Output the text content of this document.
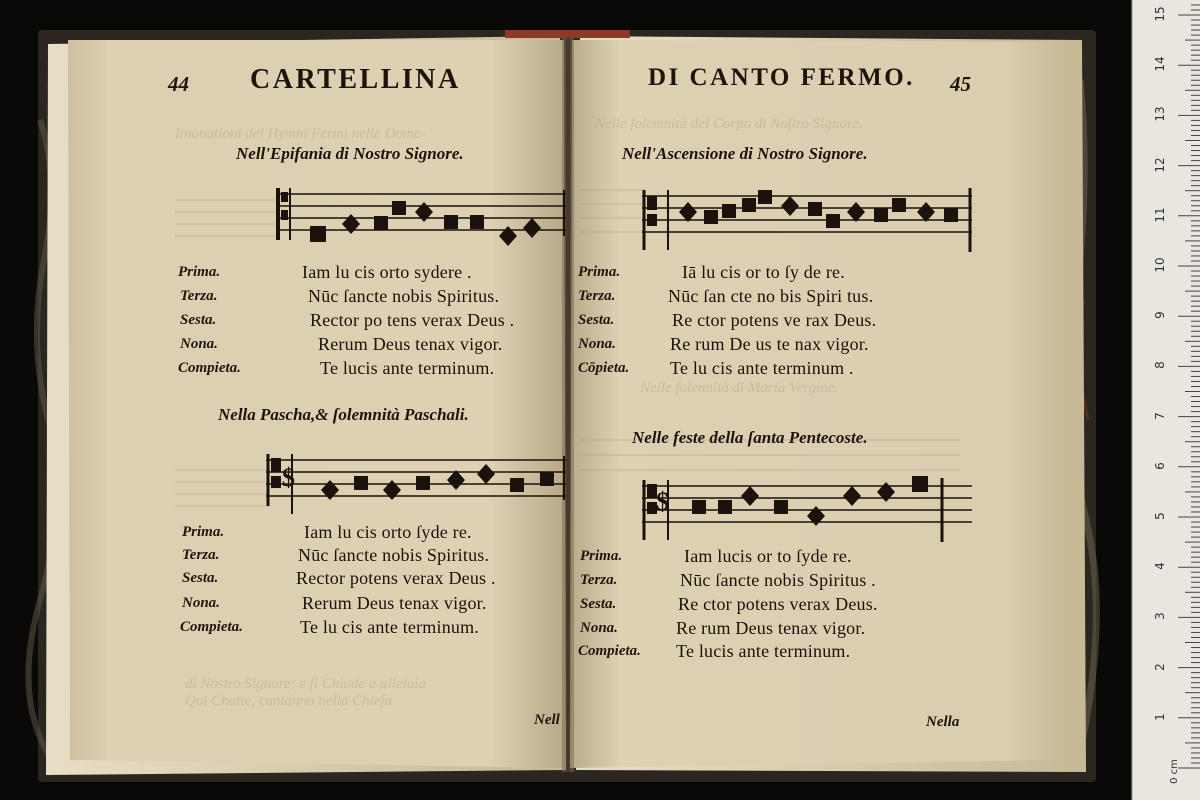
Intonationi del Hymni Fermi nelle Dome-
Nelle ſolemnità del Corpo di Noſtro Signore.
Nelle ſolennità di Maria Vergine.
di Nostro Signore; e ſi Chiude a alleluia
Qui Chatte, cantanno nella Chieſa
$
$
44 CARTELLINA
Nell'Epifania di Nostro Signore.
Prima.	Iam lu cis orto sydere .
Terza.	Nūc ſancte nobis Spiritus.
Sesta.	Rector po tens verax Deus .
Nona.	Rerum Deus tenax vigor.
Compieta.	Te lucis ante terminum.
Nella Pascha,& ſolemnità Paschali.
Prima.	Iam lu cis orto ſyde re.
Terza.	Nūc ſancte nobis Spiritus.
Sesta.	Rector potens verax Deus .
Nona.	Rerum Deus tenax vigor.
Compieta.	Te lu cis ante terminum.
Nell
DI CANTO FERMO. 45
Nell'Ascensione di Nostro Signore.
Prima.	Iā lu cis or to ſy de re.
Terza.	Nūc ſan cte no bis Spiri tus.
Sesta.	Re ctor potens ve rax Deus.
Nona.	Re rum De us te nax vigor.
Cōpieta. Te lu cis ante terminum .
Nelle feste della ſanta Pentecoste.
Prima.	Iam lucis or to ſyde re.
Terza.	Nūc ſancte nobis Spiritus .
Sesta.	Re ctor potens verax Deus.
Nona.	Re rum Deus tenax vigor.
Compieta. Te lucis ante terminum.
Nella	1
2
3
4
5
6
7
8
9
10
11
12
13
14
15
0 cm
